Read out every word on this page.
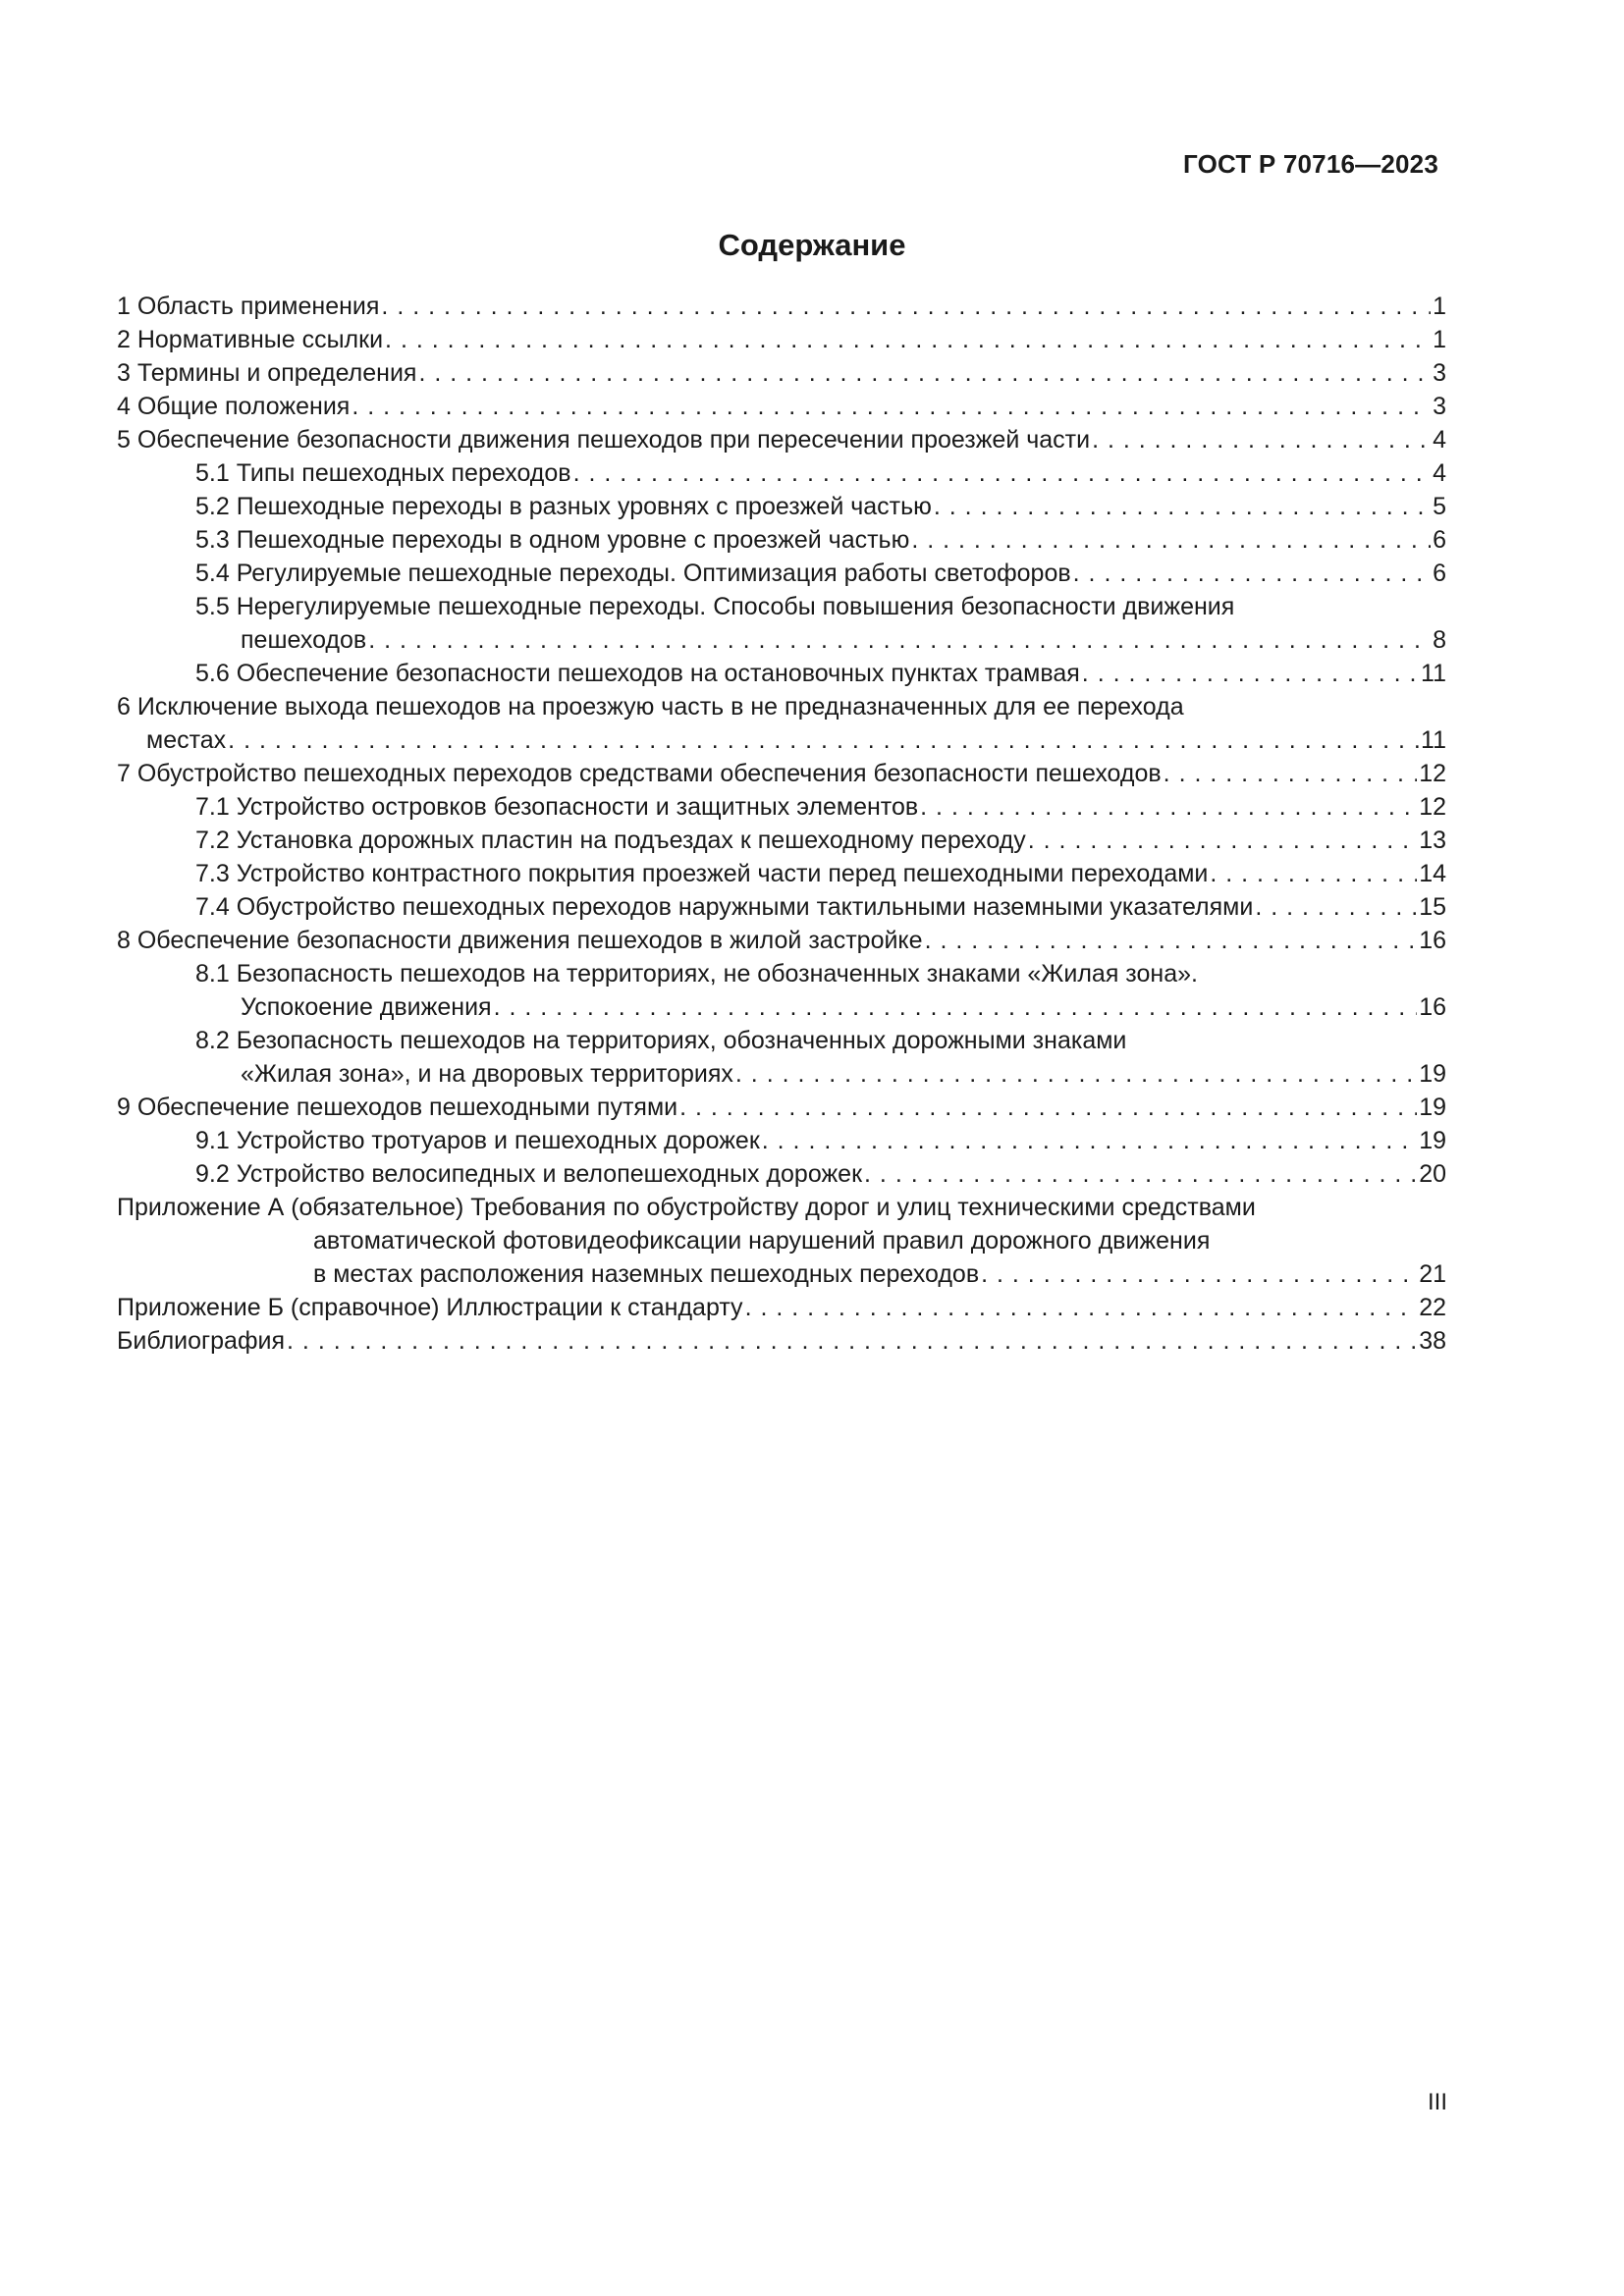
ГОСТ Р 70716—2023
Содержание
1 Область применения . . .	1
2 Нормативные ссылки . . .	1
3 Термины и определения . . .	3
4 Общие положения . . .	3
5 Обеспечение безопасности движения пешеходов при пересечении проезжей части . . .	4
5.1 Типы пешеходных переходов . . .	4
5.2 Пешеходные переходы в разных уровнях с проезжей частью . . .	5
5.3 Пешеходные переходы в одном уровне с проезжей частью . . .	6
5.4 Регулируемые пешеходные переходы. Оптимизация работы светофоров . . .	6
5.5 Нерегулируемые пешеходные переходы. Способы повышения безопасности движения
пешеходов . . .	8
5.6 Обеспечение безопасности пешеходов на остановочных пунктах трамвая . . .	11
6 Исключение выхода пешеходов на проезжую часть в не предназначенных для ее перехода
местах . . .	11
7 Обустройство пешеходных переходов средствами обеспечения безопасности пешеходов . . .	12
7.1 Устройство островков безопасности и защитных элементов . . .	12
7.2 Установка дорожных пластин на подъездах к пешеходному переходу . . .	13
7.3 Устройство контрастного покрытия проезжей части перед пешеходными переходами . . .	14
7.4 Обустройство пешеходных переходов наружными тактильными наземными указателями . . .	15
8 Обеспечение безопасности движения пешеходов в жилой застройке . . .	16
8.1 Безопасность пешеходов на территориях, не обозначенных знаками «Жилая зона».
Успокоение движения . . .	16
8.2 Безопасность пешеходов на территориях, обозначенных дорожными знаками
«Жилая зона», и на дворовых территориях . . .	19
9 Обеспечение пешеходов пешеходными путями . . .	19
9.1 Устройство тротуаров и пешеходных дорожек . . .	19
9.2 Устройство велосипедных и велопешеходных дорожек . . .	20
Приложение А (обязательное) Требования по обустройству дорог и улиц техническими средствами
автоматической фотовидеофиксации нарушений правил дорожного движения
в местах расположения наземных пешеходных переходов . . .	21
Приложение Б (справочное) Иллюстрации к стандарту . . .	22
Библиография . . .	38
III
